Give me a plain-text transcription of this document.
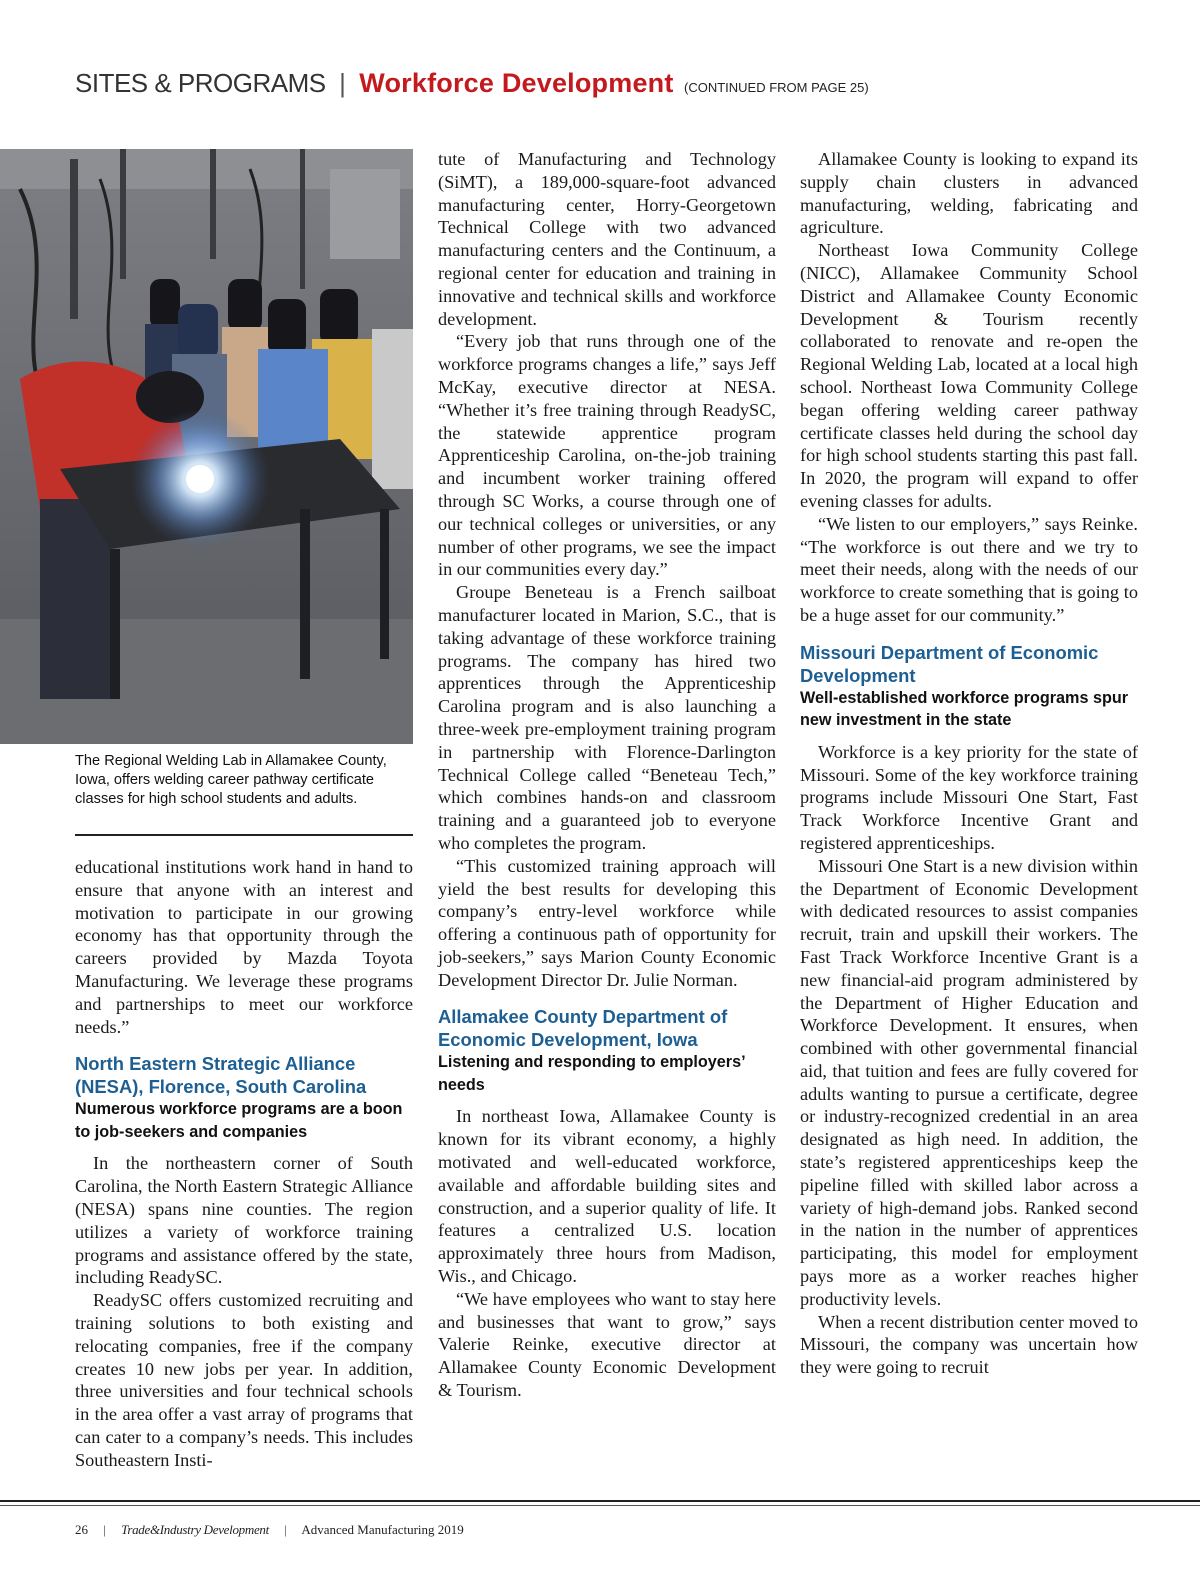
SITES & PROGRAMS | Workforce Development (CONTINUED FROM PAGE 25)
The Regional Welding Lab in Allamakee County, Iowa, offers welding career pathway certificate classes for high school students and adults.

educational institutions work hand in hand to ensure that anyone with an interest and motivation to participate in our growing economy has that opportunity through the careers provided by Mazda Toyota Manufacturing. We leverage these programs and partnerships to meet our workforce needs.”

North Eastern Strategic Alliance (NESA), Florence, South Carolina
Numerous workforce programs are a boon to job-seekers and companies

In the northeastern corner of South Carolina, the North Eastern Strategic Alliance (NESA) spans nine counties. The region utilizes a variety of workforce training programs and assistance offered by the state, including ReadySC.

ReadySC offers customized recruiting and training solutions to both existing and relocating companies, free if the company creates 10 new jobs per year. In addition, three universities and four technical schools in the area offer a vast array of programs that can cater to a company’s needs. This includes Southeastern Insti-

tute of Manufacturing and Technology (SiMT), a 189,000-square-foot advanced manufacturing center, Horry-Georgetown Technical College with two advanced manufacturing centers and the Continuum, a regional center for education and training in innovative and technical skills and workforce development.

“Every job that runs through one of the workforce programs changes a life,” says Jeff McKay, executive director at NESA. “Whether it’s free training through ReadySC, the statewide apprentice program Apprenticeship Carolina, on-the-job training and incumbent worker training offered through SC Works, a course through one of our technical colleges or universities, or any number of other programs, we see the impact in our communities every day.”

Groupe Beneteau is a French sailboat manufacturer located in Marion, S.C., that is taking advantage of these workforce training programs. The company has hired two apprentices through the Apprenticeship Carolina program and is also launching a three-week pre-employment training program in partnership with Florence-Darlington Technical College called “Beneteau Tech,” which combines hands-on and classroom training and a guaranteed job to everyone who completes the program.

“This customized training approach will yield the best results for developing this company’s entry-level workforce while offering a continuous path of opportunity for job-seekers,” says Marion County Economic Development Director Dr. Julie Norman.

Allamakee County Department of Economic Development, Iowa
Listening and responding to employers’ needs

In northeast Iowa, Allamakee County is known for its vibrant economy, a highly motivated and well-educated workforce, available and affordable building sites and construction, and a superior quality of life. It features a centralized U.S. location approximately three hours from Madison, Wis., and Chicago.

“We have employees who want to stay here and businesses that want to grow,” says Valerie Reinke, executive director at Allamakee County Economic Development & Tourism.

Allamakee County is looking to expand its supply chain clusters in advanced manufacturing, welding, fabricating and agriculture.

Northeast Iowa Community College (NICC), Allamakee Community School District and Allamakee County Economic Development & Tourism recently collaborated to renovate and re-open the Regional Welding Lab, located at a local high school. Northeast Iowa Community College began offering welding career pathway certificate classes held during the school day for high school students starting this past fall. In 2020, the program will expand to offer evening classes for adults.

“We listen to our employers,” says Reinke. “The workforce is out there and we try to meet their needs, along with the needs of our workforce to create something that is going to be a huge asset for our community.”

Missouri Department of Economic Development
Well-established workforce programs spur new investment in the state

Workforce is a key priority for the state of Missouri. Some of the key workforce training programs include Missouri One Start, Fast Track Workforce Incentive Grant and registered apprenticeships.

Missouri One Start is a new division within the Department of Economic Development with dedicated resources to assist companies recruit, train and upskill their workers. The Fast Track Workforce Incentive Grant is a new financial-aid program administered by the Department of Higher Education and Workforce Development. It ensures, when combined with other governmental financial aid, that tuition and fees are fully covered for adults wanting to pursue a certificate, degree or industry-recognized credential in an area designated as high need. In addition, the state’s registered apprenticeships keep the pipeline filled with skilled labor across a variety of high-demand jobs. Ranked second in the nation in the number of apprentices participating, this model for employment pays more as a worker reaches higher productivity levels.

When a recent distribution center moved to Missouri, the company was uncertain how they were going to recruit

26 | Trade&Industry Development | Advanced Manufacturing 2019
